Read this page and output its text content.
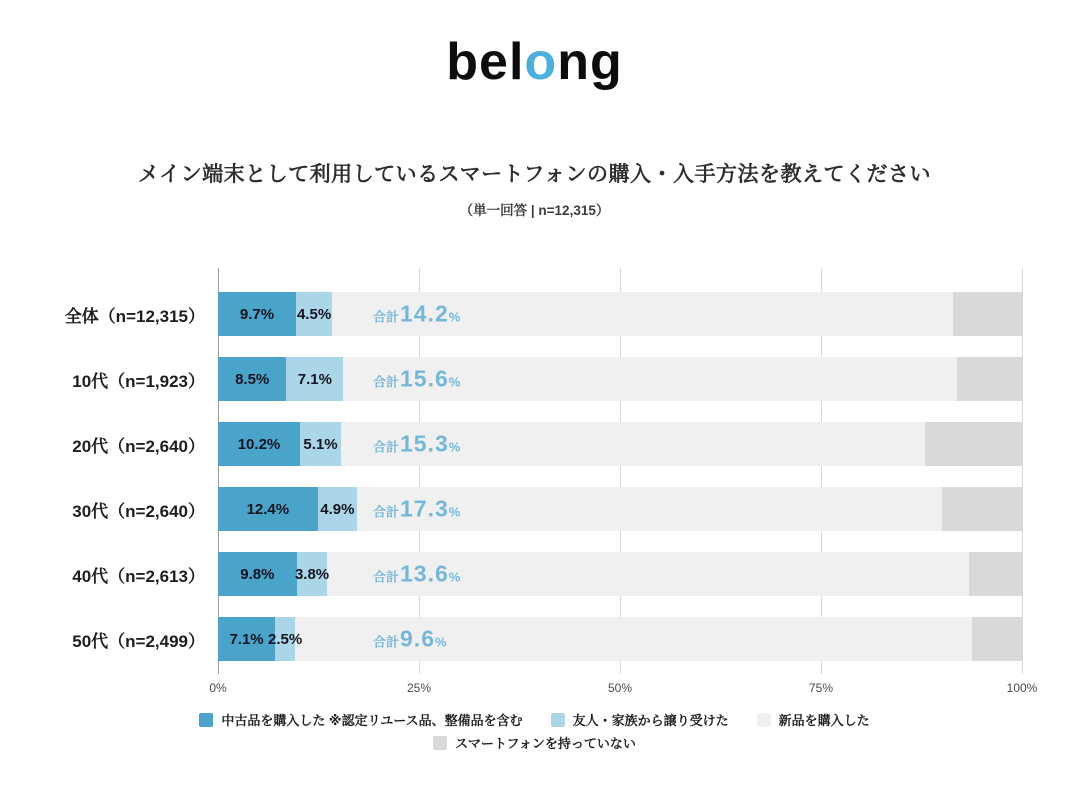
belong
メイン端末として利用しているスマートフォンの購入・入手方法を教えてください
（単一回答 | n=12,315）
全体（n=12,315）	9.7% 4.5%	合計 14.2 %
10代（n=1,923）	8.5% 7.1%	合計 15.6 %
20代（n=2,640）	10.2% 5.1%	合計 15.3 %
30代（n=2,640）	12.4% 4.9% 合計 17.3 %
40代（n=2,613）	9.8% 3.8%	合計 13.6 %
50代（n=2,499）	7.1% 2.5%	合計 9.6 %
0%	25%	50%	75%	100%
中古品を購入した ※認定リユース品、整備品を含む	友人・家族から譲り受けた	新品を購入した
スマートフォンを持っていない
